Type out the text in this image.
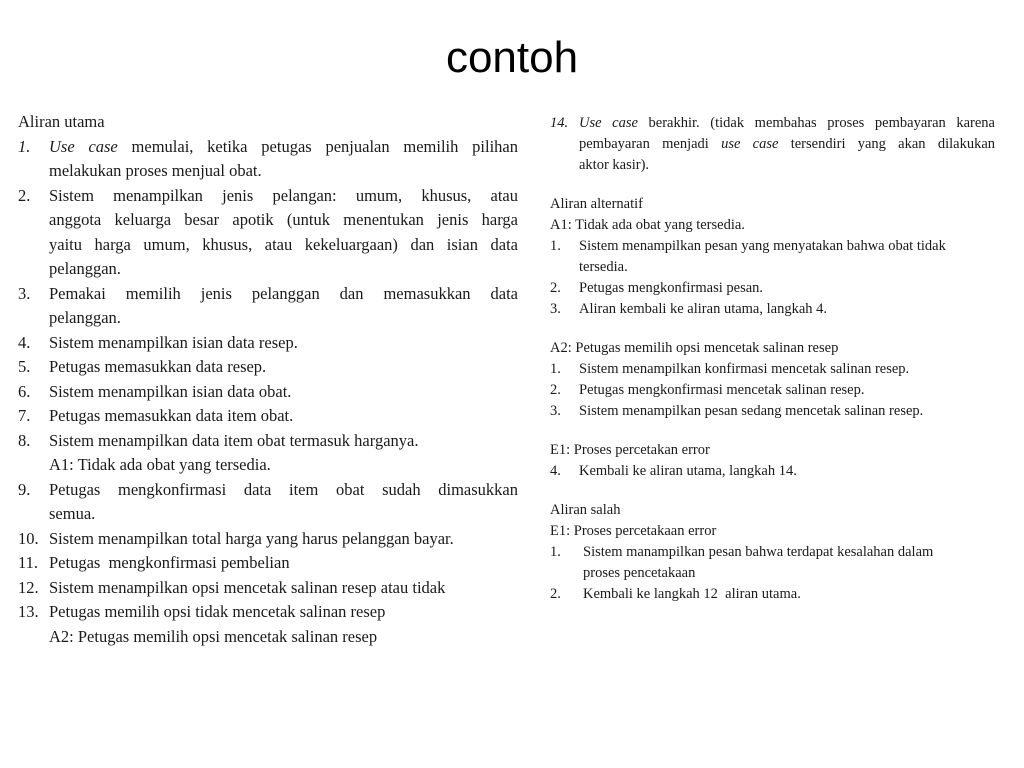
contoh
Aliran utama
1.	Use case memulai, ketika petugas penjualan memilih pilihan
melakukan proses menjual obat.
2.	Sistem menampilkan jenis pelangan: umum, khusus, atau
anggota keluarga besar apotik (untuk menentukan jenis harga
yaitu harga umum, khusus, atau kekeluargaan) dan isian data
pelanggan.
3.	Pemakai memilih jenis pelanggan dan memasukkan data
pelanggan.
4.	Sistem menampilkan isian data resep.
5.	Petugas memasukkan data resep.
6.	Sistem menampilkan isian data obat.
7.	Petugas memasukkan data item obat.
8.	Sistem menampilkan data item obat termasuk harganya.
A1: Tidak ada obat yang tersedia.
9.	Petugas mengkonfirmasi data item obat sudah dimasukkan
semua.
10. Sistem menampilkan total harga yang harus pelanggan bayar.
11. Petugas  mengkonfirmasi pembelian
12. Sistem menampilkan opsi mencetak salinan resep atau tidak
13. Petugas memilih opsi tidak mencetak salinan resep
A2: Petugas memilih opsi mencetak salinan resep
14. Use case berakhir. (tidak membahas proses pembayaran karena
pembayaran menjadi use case tersendiri yang akan dilakukan
aktor kasir).
Aliran alternatif
A1: Tidak ada obat yang tersedia.
1.	Sistem menampilkan pesan yang menyatakan bahwa obat tidak
tersedia.
2.	Petugas mengkonfirmasi pesan.
3.	Aliran kembali ke aliran utama, langkah 4.
A2: Petugas memilih opsi mencetak salinan resep
1.	Sistem menampilkan konfirmasi mencetak salinan resep.
2.	Petugas mengkonfirmasi mencetak salinan resep.
3.	Sistem menampilkan pesan sedang mencetak salinan resep.
E1: Proses percetakan error
4.	Kembali ke aliran utama, langkah 14.
Aliran salah
E1: Proses percetakaan error
1.	Sistem manampilkan pesan bahwa terdapat kesalahan dalam
proses pencetakaan
2.	Kembali ke langkah 12  aliran utama.
